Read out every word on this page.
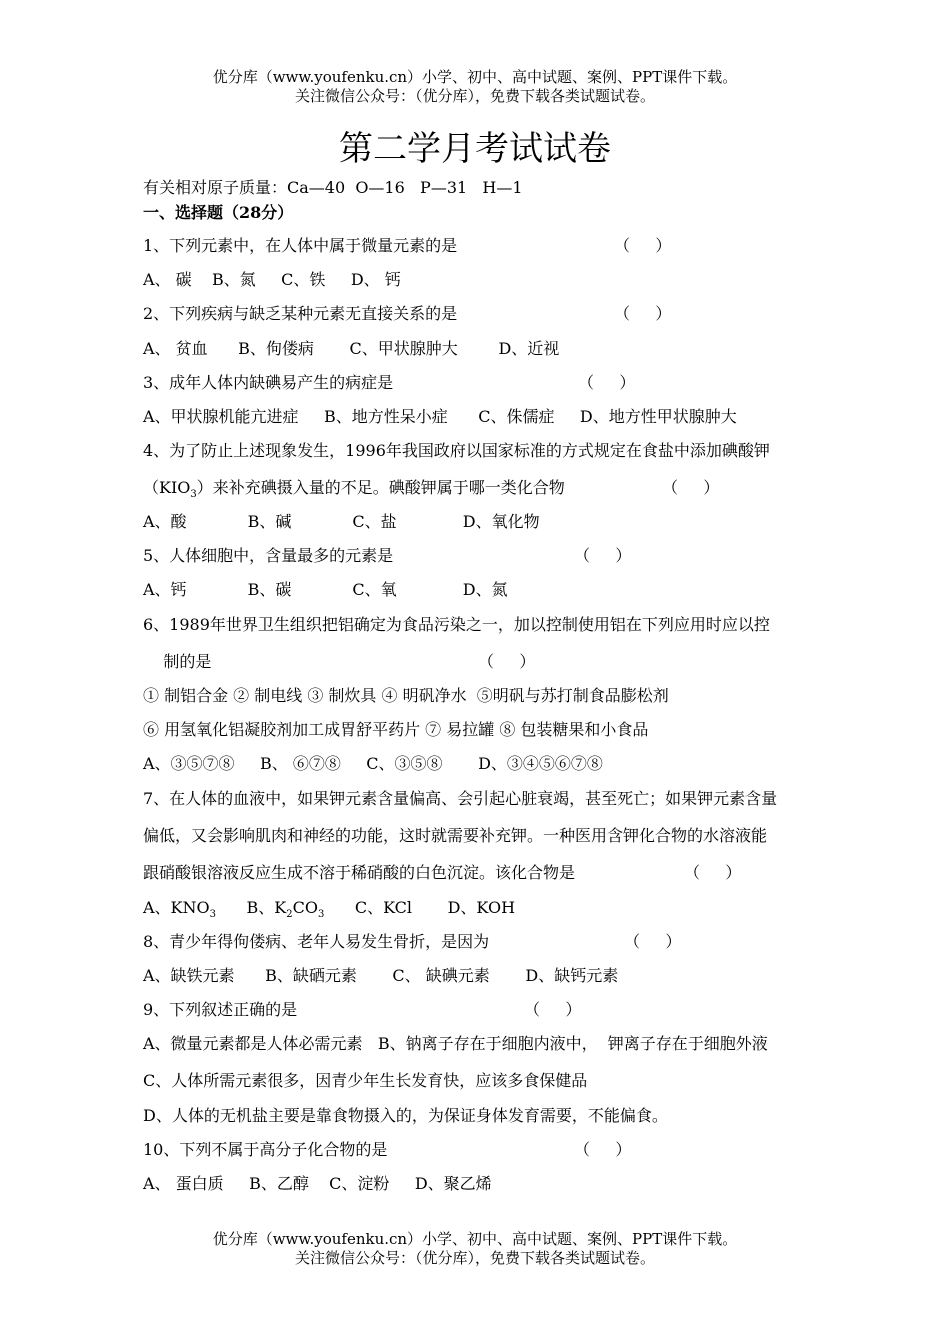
优分库（www.youfenku.cn）小学、初中、高中试题、案例、PPT课件下载。
关注微信公众号：（优分库），免费下载各类试题试卷。
第二学月考试试卷
有关相对原子质量：Ca—40  O—16   P—31   H—1
一、选择题（28分）
1、下列元素中，在人体中属于微量元素的是	（     ）
A、 碳    B、氮     C、铁     D、 钙
2、下列疾病与缺乏某种元素无直接关系的是	（     ）
A、 贫血      B、佝偻病       C、甲状腺肿大        D、近视
3、成年人体内缺碘易产生的病症是	（     ）
A、甲状腺机能亢进症     B、地方性呆小症      C、侏儒症     D、地方性甲状腺肿大
4、为了防止上述现象发生，1996年我国政府以国家标准的方式规定在食盐中添加碘酸钾
$(KIO_3)$来补充碘摄入量的不足。碘酸钾属于哪一类化合物	（     ）
A、酸            B、碱            C、盐             D、氧化物
5、人体细胞中，含量最多的元素是	（     ）
A、钙            B、碳            C、氧             D、氮
6、1989年世界卫生组织把铝确定为食品污染之一，加以控制使用铝在下列应用时应以控
制的是	（     ）
① 制铝合金 ② 制电线 ③ 制炊具 ④ 明矾净水  ⑤明矾与苏打制食品膨松剂
⑥ 用氢氧化铝凝胶剂加工成胃舒平药片 ⑦ 易拉罐 ⑧ 包装糖果和小食品
A、③⑤⑦⑧     B、 ⑥⑦⑧     C、③⑤⑧       D、③④⑤⑥⑦⑧
7、在人体的血液中，如果钾元素含量偏高、会引起心脏衰竭，甚至死亡；如果钾元素含量
偏低，又会影响肌肉和神经的功能，这时就需要补充钾。一种医用含钾化合物的水溶液能
跟硝酸银溶液反应生成不溶于稀硝酸的白色沉淀。该化合物是	（     ）
A、$KNO_3$      B、$K_2CO_3$      C、KCl       D、KOH
8、青少年得佝偻病、老年人易发生骨折，是因为	（     ）
A、缺铁元素      B、缺硒元素       C、 缺碘元素       D、缺钙元素
9、下列叙述正确的是	（     ）
A、微量元素都是人体必需元素   B、钠离子存在于细胞内液中，  钾离子存在于细胞外液
C、人体所需元素很多，因青少年生长发育快，应该多食保健品
D、人体的无机盐主要是靠食物摄入的，为保证身体发育需要，不能偏食。
10、下列不属于高分子化合物的是	（     ）
A、 蛋白质     B、乙醇    C、淀粉     D、聚乙烯
优分库（www.youfenku.cn）小学、初中、高中试题、案例、PPT课件下载。
关注微信公众号：（优分库），免费下载各类试题试卷。
